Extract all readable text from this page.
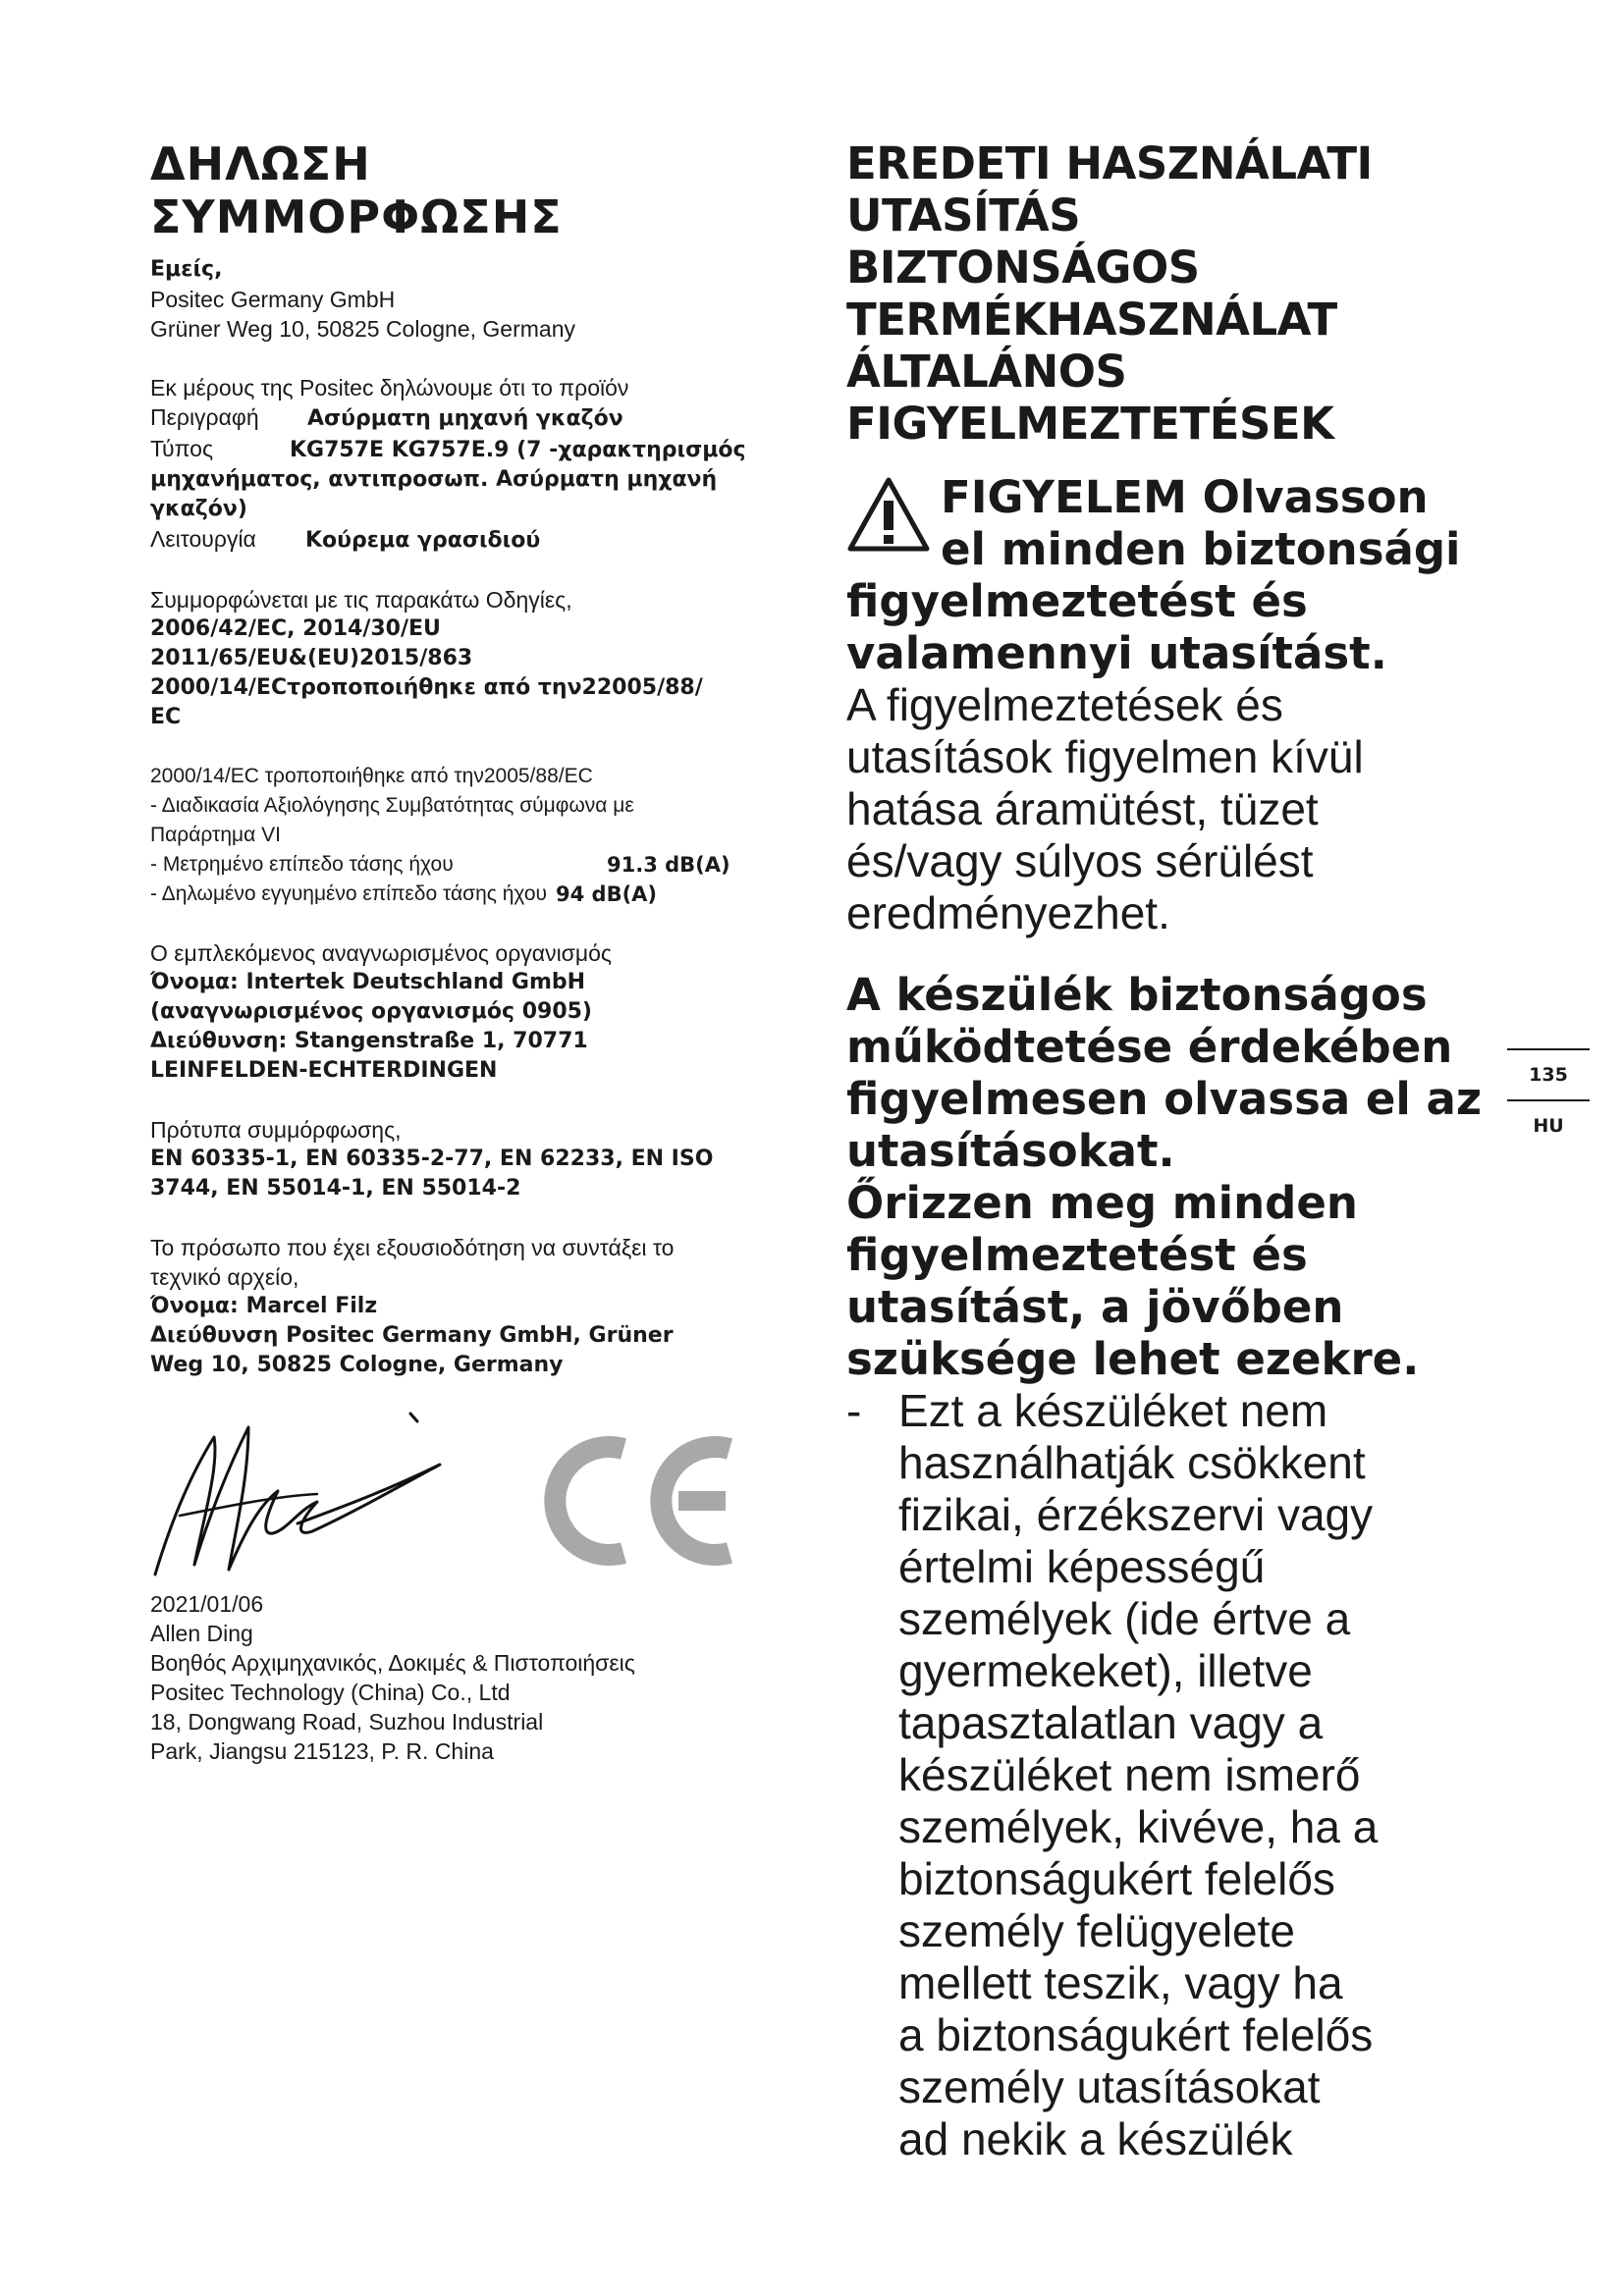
ΔΗΛΩΣΗ
ΣΥΜΜΟΡΦΩΣΗΣ

Εμείς,

Positec Germany GmbH

Grüner Weg 10, 50825 Cologne, Germany

Εκ μέρους της Positec δηλώνουμε ότι το προϊόν

Περιγραφή	Ασύρματη μηχανή γκαζόν
Τύπος	KG757E KG757E.9 (7 -χαρακτηρισμός

μηχανήματος, αντιπροσωπ. Ασύρματη μηχανή

γκαζόν)

Λειτουργία	Κούρεμα γρασιδιού

Συμμορφώνεται με τις παρακάτω Οδηγίες,

2006/42/EC, 2014/30/EU

2011/65/EU&(EU)2015/863

2000/14/ECτροποποιήθηκε από την22005/88/

EC

2000/14/EC τροποποιήθηκε από την2005/88/EC

- Διαδικασία Αξιολόγησης Συμβατότητας σύμφωνα με

Παράρτημα VI

- Μετρημένο επίπεδο τάσης ήχου	91.3 dB(A)
- Δηλωμένο εγγυημένο επίπεδο τάσης ήχου 94 dB(A)

Ο εμπλεκόμενος αναγνωρισμένος οργανισμός

Όνομα: Intertek Deutschland GmbH

(αναγνωρισμένος οργανισμός 0905)

Διεύθυνση: Stangenstraße 1, 70771

LEINFELDEN-ECHTERDINGEN

Πρότυπα συμμόρφωσης,

EN 60335-1, EN 60335-2-77, EN 62233, EN ISO

3744, EN 55014-1, EN 55014-2

Το πρόσωπο που έχει εξουσιοδότηση να συντάξει το

τεχνικό αρχείο,

Όνομα: Marcel Filz

Διεύθυνση Positec Germany GmbH, Grüner

Weg 10, 50825 Cologne, Germany

2021/01/06

Allen Ding

Βοηθός Αρχιμηχανικός, Δοκιμές & Πιστοποιήσεις

Positec Technology (China) Co., Ltd

18, Dongwang Road, Suzhou Industrial

Park, Jiangsu 215123, P. R. China

EREDETI HASZNÁLATI
UTASÍTÁS
BIZTONSÁGOS
TERMÉKHASZNÁLAT
ÁLTALÁNOS
FIGYELMEZTETÉSEK
FIGYELEM Olvasson
el minden biztonsági
figyelmeztetést és
valamennyi utasítást.
A figyelmeztetések és
utasítások figyelmen kívül
hatása áramütést, tüzet
és/vagy súlyos sérülést
eredményezhet.
A készülék biztonságos
működtetése érdekében
figyelmesen olvassa el az
utasításokat.
Őrizzen meg minden
figyelmeztetést és
utasítást, a jövőben
szüksége lehet ezekre.
- Ezt a készüléket nem
használhatják csökkent
fizikai, érzékszervi vagy
értelmi képességű
személyek (ide értve a
gyermekeket), illetve
tapasztalatlan vagy a
készüléket nem ismerő
személyek, kivéve, ha a
biztonságukért felelős
személy felügyelete
mellett teszik, vagy ha
a biztonságukért felelős
személy utasításokat
ad nekik a készülék
135
HU
